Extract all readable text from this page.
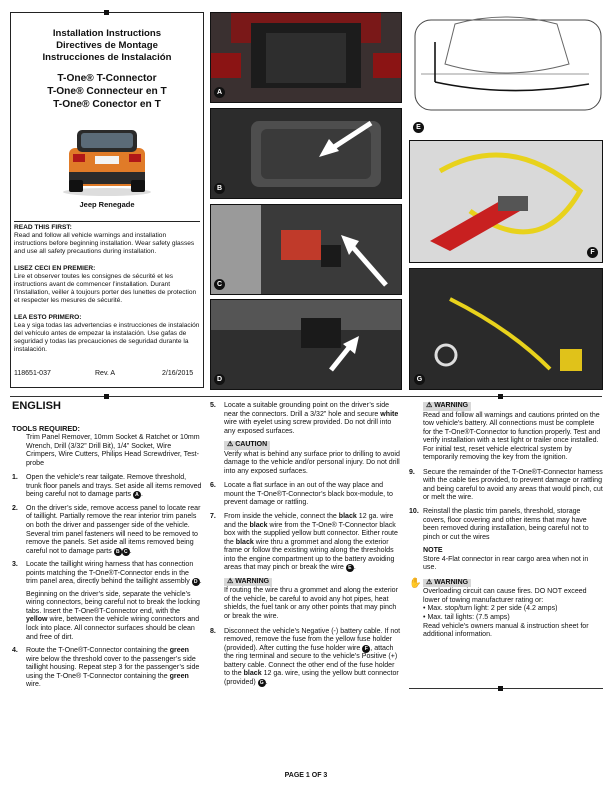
Installation Instructions
Directives de Montage
Instrucciones de Instalación
T-One® T-Connector
T-One® Connecteur en T
T-One® Conector en T
Jeep Renegade
READ THIS FIRST:
Read and follow all vehicle warnings and installation instructions before beginning installation. Wear safety glasses and use all safety precautions during installation.
LISEZ CECI EN PREMIER:
Lire et observer toutes les consignes de sécurité et les instructions avant de commencer l’installation. Durant l’installation, veiller à toujours porter des lunettes de protection et respecter les mesures de sécurité.
LEA ESTO PRIMERO:
Lea y siga todas las advertencias e instrucciones de instalación del vehículo antes de empezar la instalación. Use gafas de seguridad y todas las precauciones de seguridad durante la instalación.
118651-037	Rev. A	2/16/2015
A
B
C
D
E
F
G
ENGLISH
TOOLS REQUIRED:
Trim Panel Remover, 10mm Socket & Ratchet or 10mm Wrench, Drill (3/32” Drill Bit), 1/4” Socket, Wire Crimpers, Wire Cutters, Philips Head Screwdriver, Test-probe
1. Open the vehicle’s rear tailgate. Remove threshold, trunk floor panels and trays. Set aside all items removed being careful not to damage parts A .

2. On the driver’s side, remove access panel to locate rear of taillight. Partially remove the rear interior trim panels on both the driver and passenger side of the vehicle. Several trim panel fasteners will need to be removed to remove the panels. Set aside all items removed being careful not to damage parts B C .

3. Locate the taillight wiring harness that has connection points matching the T-One®T-Connector ends in the trim panel area, directly behind the taillight assembly D .

Beginning on the driver’s side, separate the vehicle’s wiring connectors, being careful not to break the locking tabs. Insert the T-One®T-Connector end, with the yellow wire, between the vehicle wiring connectors and lock into place. All connector surfaces should be clean and free of dirt.

4. Route the T-One®T-Connector containing the green wire below the threshold cover to the passenger’s side taillight housing. Repeat step 3 for the passenger’s side using the T-One® T-Connector containing the green wire.

5. Locate a suitable grounding point on the driver’s side near the connectors. Drill a 3/32” hole and secure white wire with eyelet using screw provided. Do not drill into any exposed surfaces.

⚠ CAUTION

Verify what is behind any surface prior to drilling to avoid damage to the vehicle and/or personal injury. Do not drill into any exposed surfaces.

6. Locate a flat surface in an out of the way place and mount the T-One®T-Connector’s black box-module, to prevent damage or rattling.

7. From inside the vehicle, connect the black 12 ga. wire and the black wire from the T-One® T-Connector black box with the supplied yellow butt connector. Either route the black wire thru a grommet and along the exterior frame or follow the existing wiring along the thresholds into the engine compartment up to the battery avoiding areas that may pinch or break the wire E .

⚠ WARNING

If routing the wire thru a grommet and along the exterior of the vehicle, be careful to avoid any hot pipes, heat shields, the fuel tank or any other points that may pinch or break the wire.

8. Disconnect the vehicle’s Negative (-) battery cable. If not removed, remove the fuse from the yellow fuse holder (provided). After cutting the fuse holder wire F , attach the ring terminal and secure to the vehicle’s Positive (+) battery cable. Connect the other end of the fuse holder to the black 12 ga. wire, using the yellow butt connector (provided) G .

⚠ WARNING

Read and follow all warnings and cautions printed on the tow vehicle’s battery. All connections must be complete for the T-One®T-Connector to function properly. Test and verify installation with a test light or trailer once installed. For initial test, reset vehicle electrical system by temporarily removing the key from the ignition.

9. Secure the remainder of the T-One®T-Connector harness with the cable ties provided, to prevent damage or rattling and being careful to avoid any areas that would pinch, cut or melt the wire.

10. Reinstall the plastic trim panels, threshold, storage covers, floor covering and other items that may have been removed during installation, being careful not to pinch or cut the wires

NOTE

Store 4-Flat connector in rear cargo area when not in use.

✋ ⚠ WARNING

Overloading circuit can cause fires. DO NOT exceed lower of towing manufacturer rating or:

• Max. stop/turn light: 2 per side (4.2 amps)

• Max. tail lights: (7.5 amps)

Read vehicle’s owners manual & instruction sheet for additional information.

PAGE 1 OF 3
